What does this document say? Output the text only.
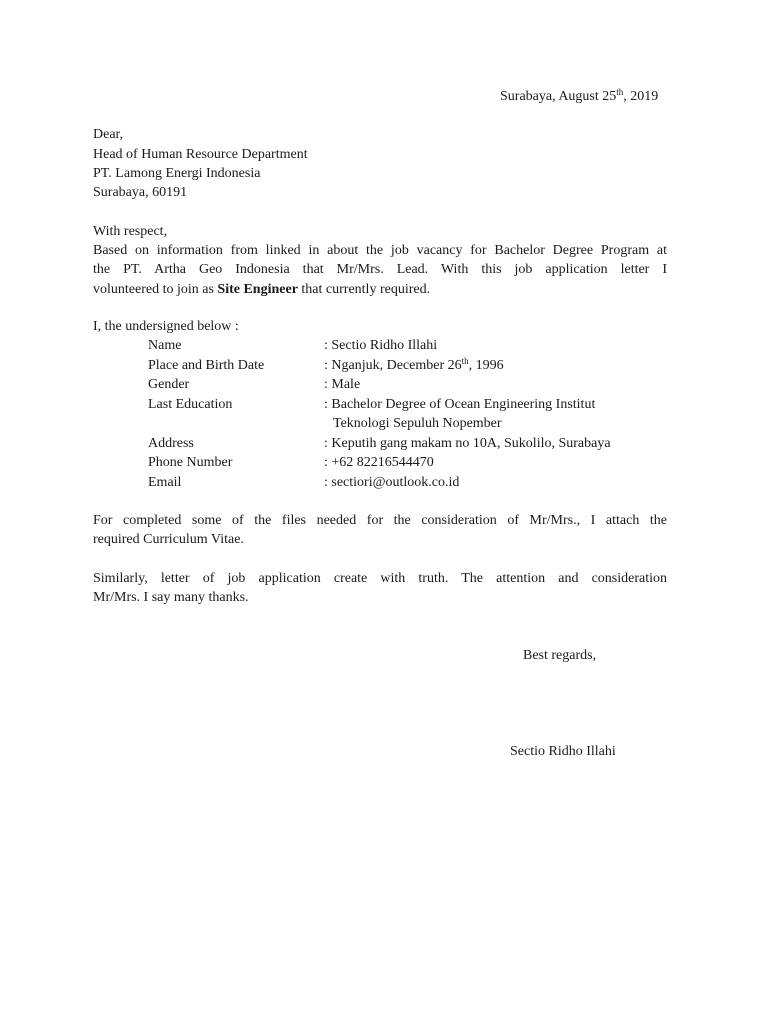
Surabaya, August 25th, 2019
Dear,
Head of Human Resource Department
PT. Lamong Energi Indonesia
Surabaya, 60191
With respect,
Based on information from linked in about the job vacancy for Bachelor Degree Program at
the PT. Artha Geo Indonesia that Mr/Mrs. Lead. With this job application letter I
volunteered to join as Site Engineer that currently required.
I, the undersigned below :
Name	: Sectio Ridho Illahi
Place and Birth Date	: Nganjuk, December 26th, 1996
Gender	: Male
Last Education	: Bachelor Degree of Ocean Engineering Institut
Teknologi Sepuluh Nopember
Address	: Keputih gang makam no 10A, Sukolilo, Surabaya
Phone Number	: +62 82216544470
Email	: sectiori@outlook.co.id
For completed some of the files needed for the consideration of Mr/Mrs., I attach the
required Curriculum Vitae.
Similarly, letter of job application create with truth. The attention and consideration
Mr/Mrs. I say many thanks.
Best regards,
Sectio Ridho Illahi
